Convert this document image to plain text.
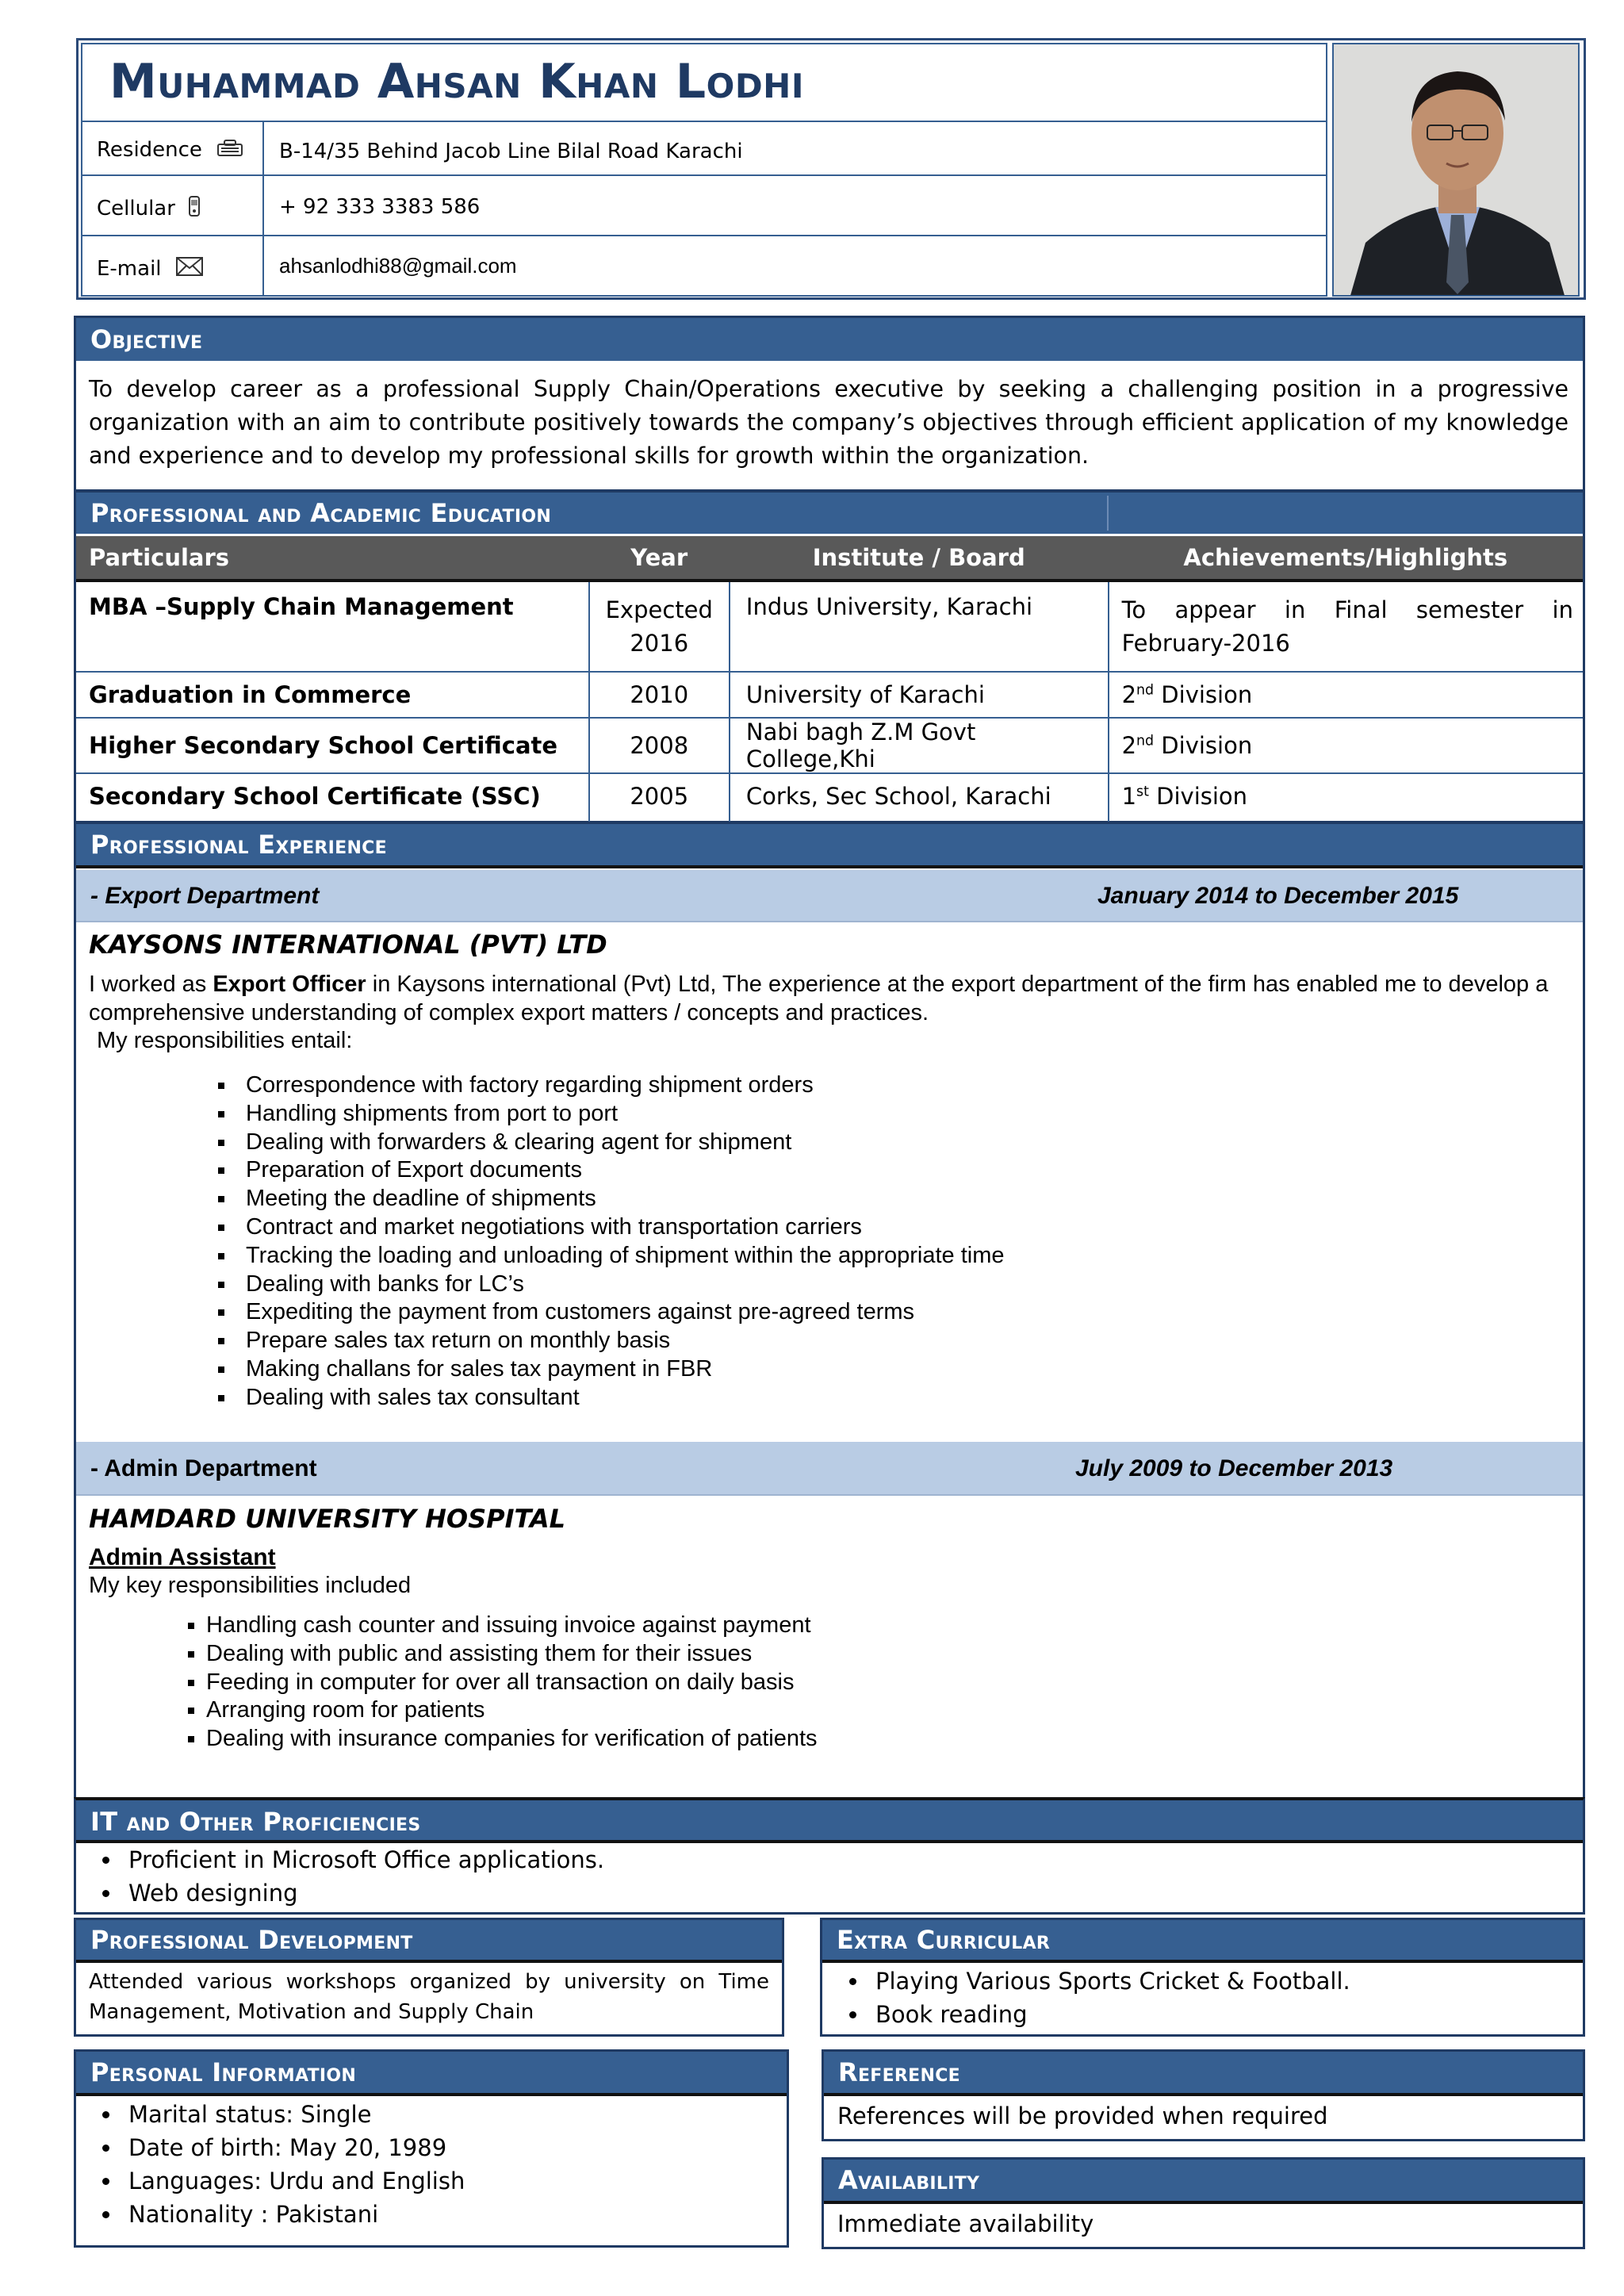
Muhammad Ahsan Khan Lodhi
Residence	B-14/35 Behind Jacob Line Bilal Road Karachi
Cellular	+ 92 333 3383 586
E-mail	ahsanlodhi88@gmail.com
Objective
To develop career as a professional Supply Chain/Operations executive by seeking a challenging position in a progressive organization with an aim to contribute positively towards the company’s objectives through efficient application of my knowledge and experience and to develop my professional skills for growth within the organization.
Professional and Academic Education
Particulars	Year	Institute / Board	Achievements/Highlights
MBA –Supply Chain Management	Expected 2016	Indus University, Karachi	To appear in Final semester in February-2016
Graduation in Commerce	2010	University of Karachi	2nd Division
Higher Secondary School Certificate	2008	Nabi bagh Z.M Govt College,Khi	2nd Division
Secondary School Certificate (SSC)	2005	Corks, Sec School, Karachi	1st Division
Professional Experience
- Export Department	January 2014 to December 2015
KAYSONS INTERNATIONAL (PVT) LTD
I worked as Export Officer in Kaysons international (Pvt) Ltd, The experience at the export department of the firm has enabled me to develop a comprehensive understanding of complex export matters / concepts and practices.
My responsibilities entail:
▪ Correspondence with factory regarding shipment orders
▪ Handling shipments from port to port
▪ Dealing with forwarders & clearing agent for shipment
▪ Preparation of Export documents
▪ Meeting the deadline of shipments
▪ Contract and market negotiations with transportation carriers
▪ Tracking the loading and unloading of shipment within the appropriate time
▪ Dealing with banks for LC’s
▪ Expediting the payment from customers against pre-agreed terms
▪ Prepare sales tax return on monthly basis
▪ Making challans for sales tax payment in FBR
▪ Dealing with sales tax consultant
- Admin Department	July 2009 to December 2013
HAMDARD UNIVERSITY HOSPITAL
Admin Assistant
My key responsibilities included
▪ Handling cash counter and issuing invoice against payment
▪ Dealing with public and assisting them for their issues
▪ Feeding in computer for over all transaction on daily basis
▪ Arranging room for patients
▪ Dealing with insurance companies for verification of patients
IT and Other Proficiencies
• Proficient in Microsoft Office applications.
• Web designing
Professional Development
Attended various workshops organized by university on Time Management, Motivation and Supply Chain
Extra Curricular
• Playing Various Sports Cricket & Football.
• Book reading
Personal Information
• Marital status: Single
• Date of birth: May 20, 1989
• Languages: Urdu and English
• Nationality : Pakistani
Reference
References will be provided when required
Availability
Immediate availability
